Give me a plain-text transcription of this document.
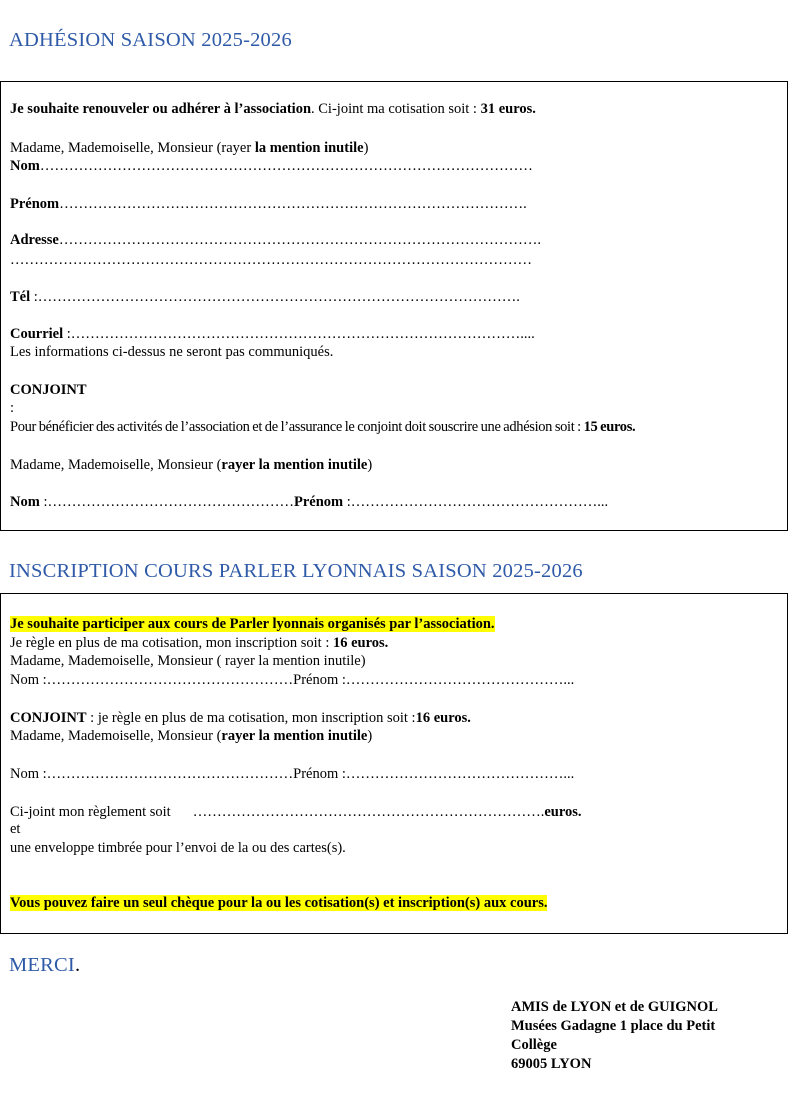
ADHÉSION SAISON 2025-2026
Je souhaite renouveler ou adhérer à l’association. Ci-joint ma cotisation soit : 31 euros.
Madame, Mademoiselle, Monsieur (rayer la mention inutile)
Nom…………………………………………………………………………………………
Prénom…………………………………………………………………………………….
Adresse……………………………………………………………………………………….
………………………………………………………………………………………………
Tél :……………………………………………………………………………………….
Courriel :…………………………………………………………………………………....
Les informations ci-dessus ne seront pas communiqués.
CONJOINT
:
Pour bénéficier des activités de l’association et de l’assurance le conjoint doit souscrire une adhésion soit : 15 euros.
Madame, Mademoiselle, Monsieur (rayer la mention inutile)
Nom :……………………………………………Prénom :……………………………………………...
INSCRIPTION COURS PARLER LYONNAIS SAISON 2025-2026
Je souhaite participer aux cours de Parler lyonnais organisés par l’association.
Je règle en plus de ma cotisation, mon inscription soit : 16 euros.
Madame, Mademoiselle, Monsieur ( rayer la mention inutile)
Nom :……………………………………………Prénom :………………………………………...
CONJOINT : je règle en plus de ma cotisation, mon inscription soit :16 euros.
Madame, Mademoiselle, Monsieur (rayer la mention inutile)
Nom :……………………………………………Prénom :………………………………………...
Ci-joint mon règlement soit ……………………………………………………………….euros.
et
une enveloppe timbrée pour l’envoi de la ou des cartes(s).
Vous pouvez faire un seul chèque pour la ou les cotisation(s) et inscription(s) aux cours.
MERCI.
AMIS de LYON et de GUIGNOL
Musées Gadagne 1 place du Petit
Collège
69005 LYON
